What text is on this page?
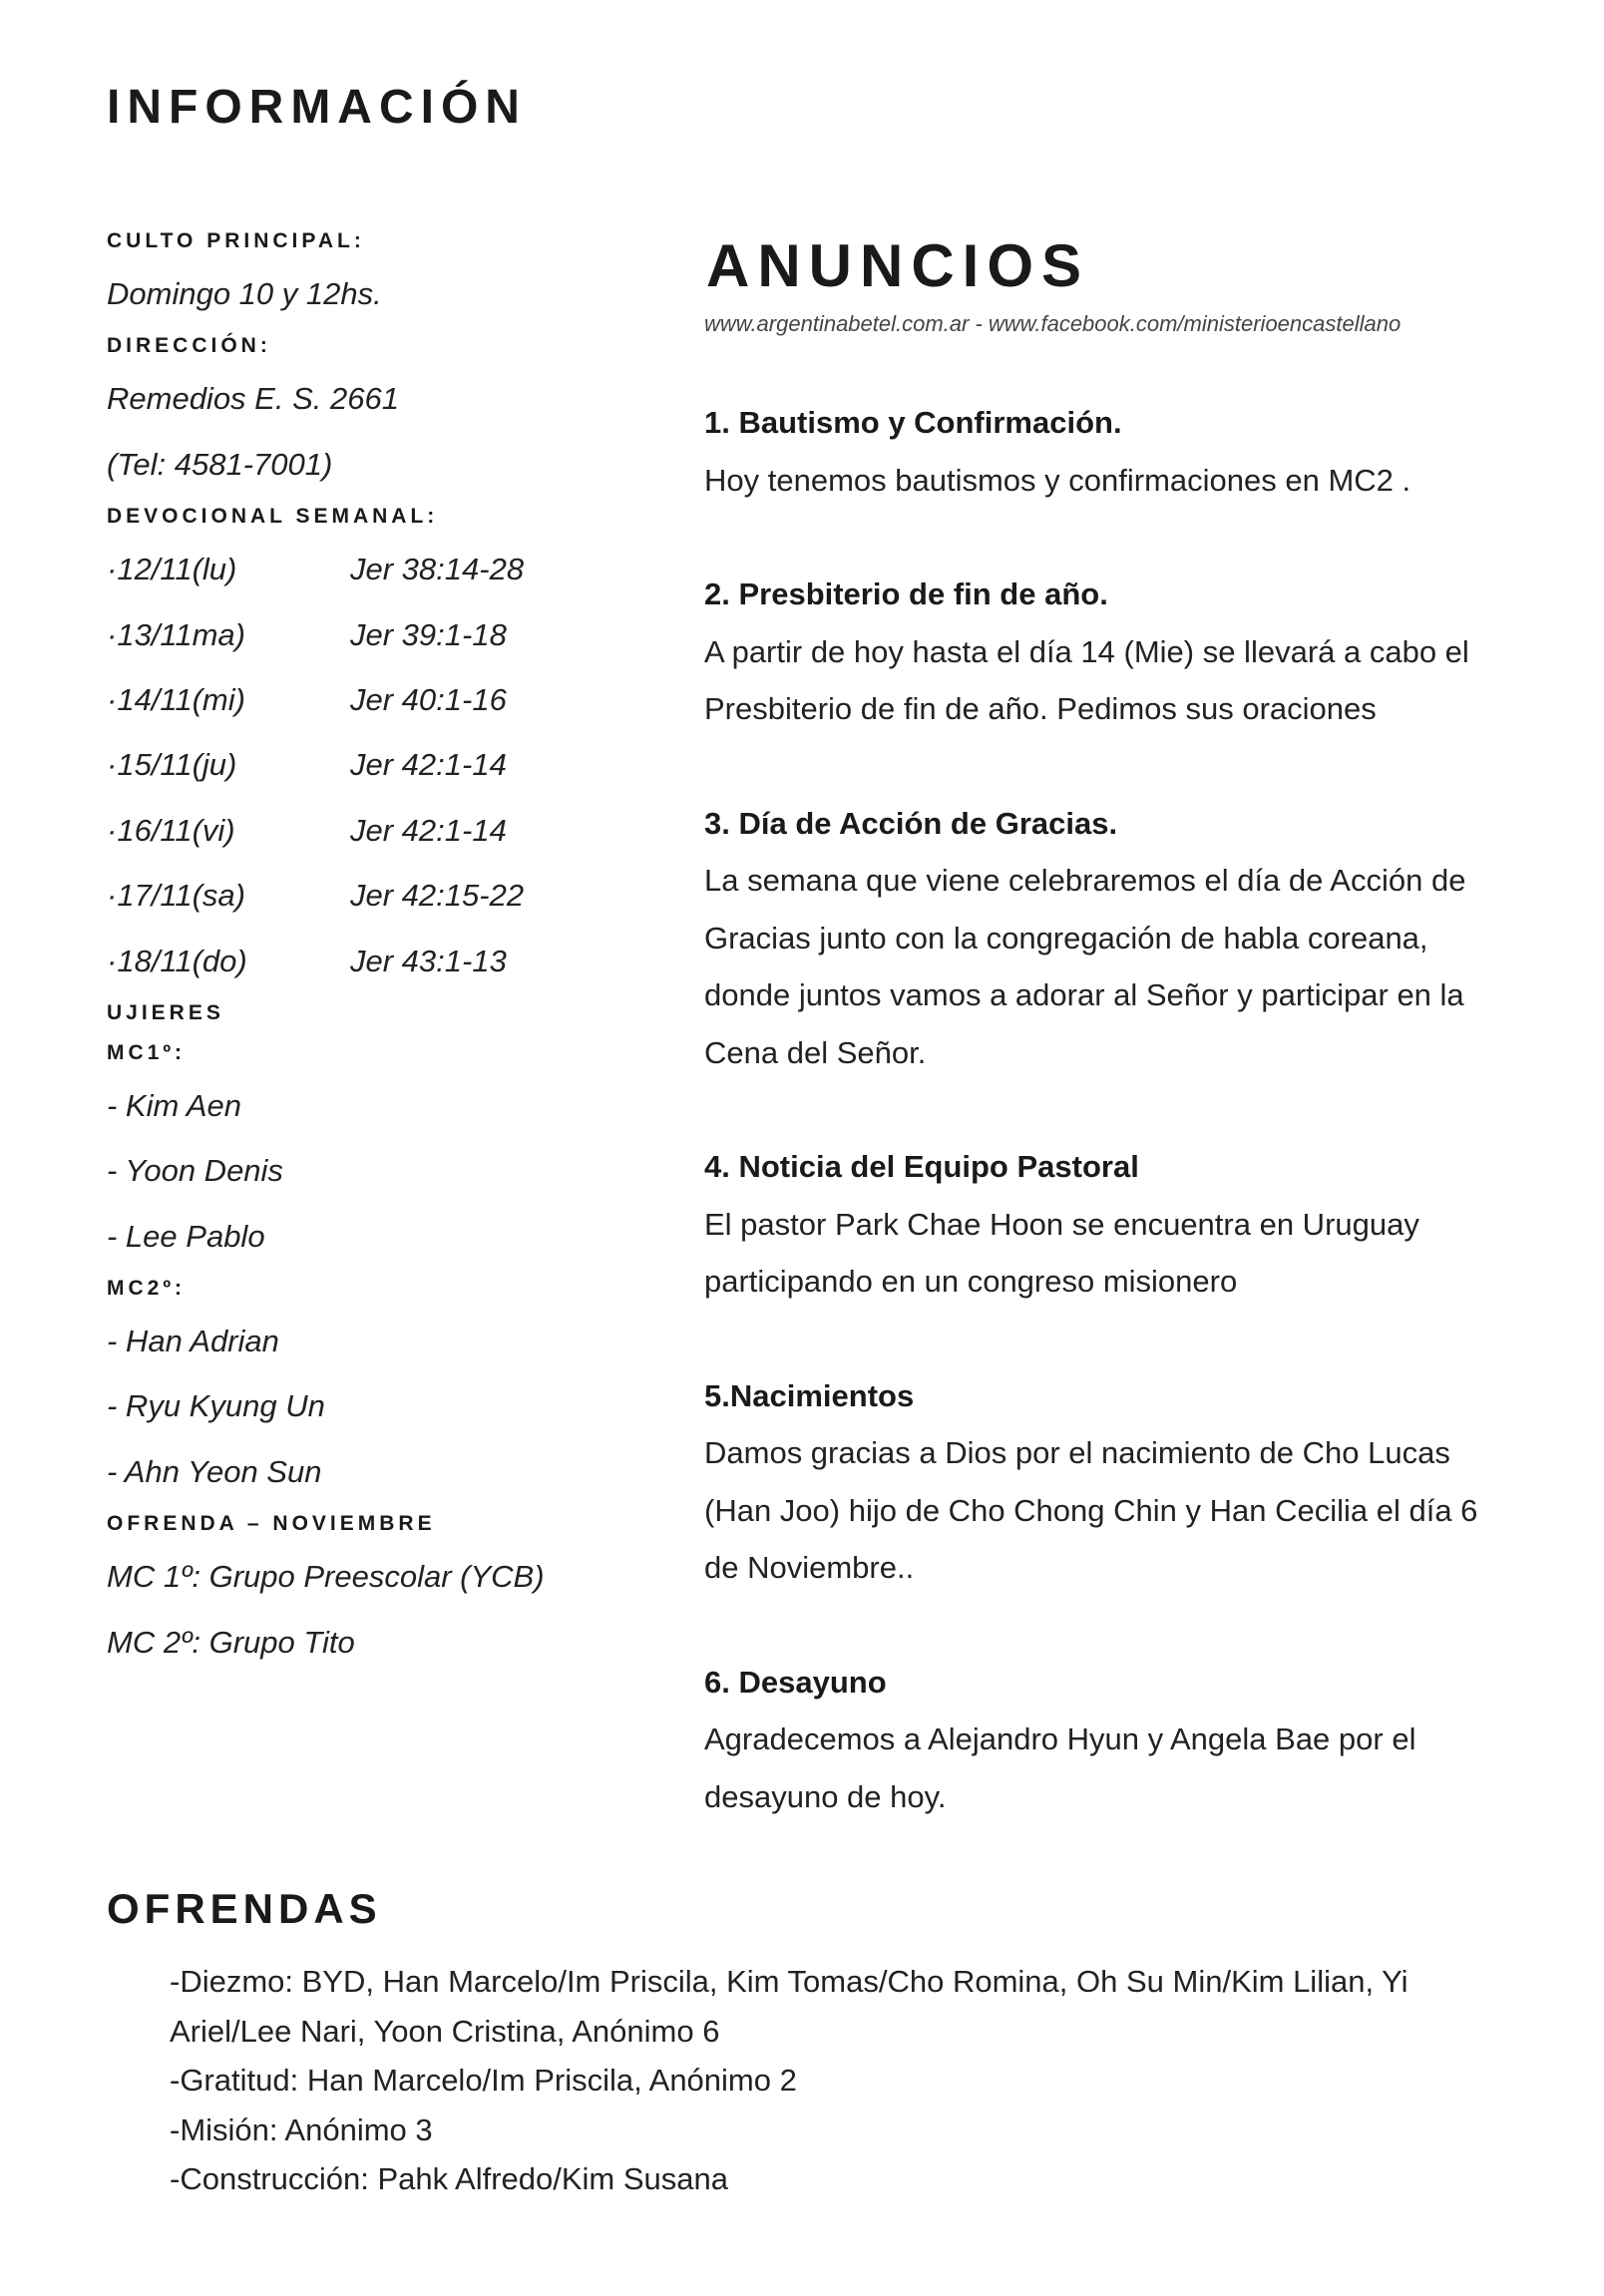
INFORMACIÓN

CULTO PRINCIPAL:

Domingo 10 y 12hs.

DIRECCIÓN:

Remedios E. S. 2661

(Tel: 4581-7001)

DEVOCIONAL SEMANAL:

·12/11(lu)	Jer 38:14-28
·13/11ma)	Jer 39:1-18
·14/11(mi)	Jer 40:1-16
·15/11(ju)	Jer 42:1-14
·16/11(vi)	Jer 42:1-14
·17/11(sa)	Jer 42:15-22
·18/11(do)	Jer 43:1-13

UJIERES

MC1º:

- Kim Aen

- Yoon Denis

- Lee Pablo

MC2º:

- Han Adrian

- Ryu Kyung Un

- Ahn Yeon Sun

OFRENDA – NOVIEMBRE

MC 1º: Grupo Preescolar (YCB)

MC 2º: Grupo Tito

ANUNCIOS
www.argentinabetel.com.ar - www.facebook.com/ministerioencastellano

1. Bautismo y Confirmación.

Hoy tenemos bautismos y confirmaciones en MC2 .

2. Presbiterio de fin de año.

A partir de hoy hasta el día 14 (Mie) se llevará a cabo el
Presbiterio de fin de año. Pedimos sus oraciones

3. Día de Acción de Gracias.

La semana que viene celebraremos el día de Acción de
Gracias junto con la congregación de habla coreana,
donde juntos vamos a adorar al Señor y participar en la
Cena del Señor.

4. Noticia del Equipo Pastoral

El pastor Park Chae Hoon se encuentra en Uruguay
participando en un congreso misionero

5.Nacimientos

Damos gracias a Dios por el nacimiento de Cho Lucas
(Han Joo) hijo de Cho Chong Chin y Han Cecilia el día 6
de Noviembre..

6. Desayuno

Agradecemos a Alejandro Hyun y Angela Bae por el
desayuno de hoy.

OFRENDAS

-Diezmo: BYD, Han Marcelo/Im Priscila, Kim Tomas/Cho Romina, Oh Su Min/Kim Lilian, Yi Ariel/Lee Nari, Yoon Cristina, Anónimo 6

-Gratitud: Han Marcelo/Im Priscila, Anónimo 2

-Misión: Anónimo 3

-Construcción: Pahk Alfredo/Kim Susana
